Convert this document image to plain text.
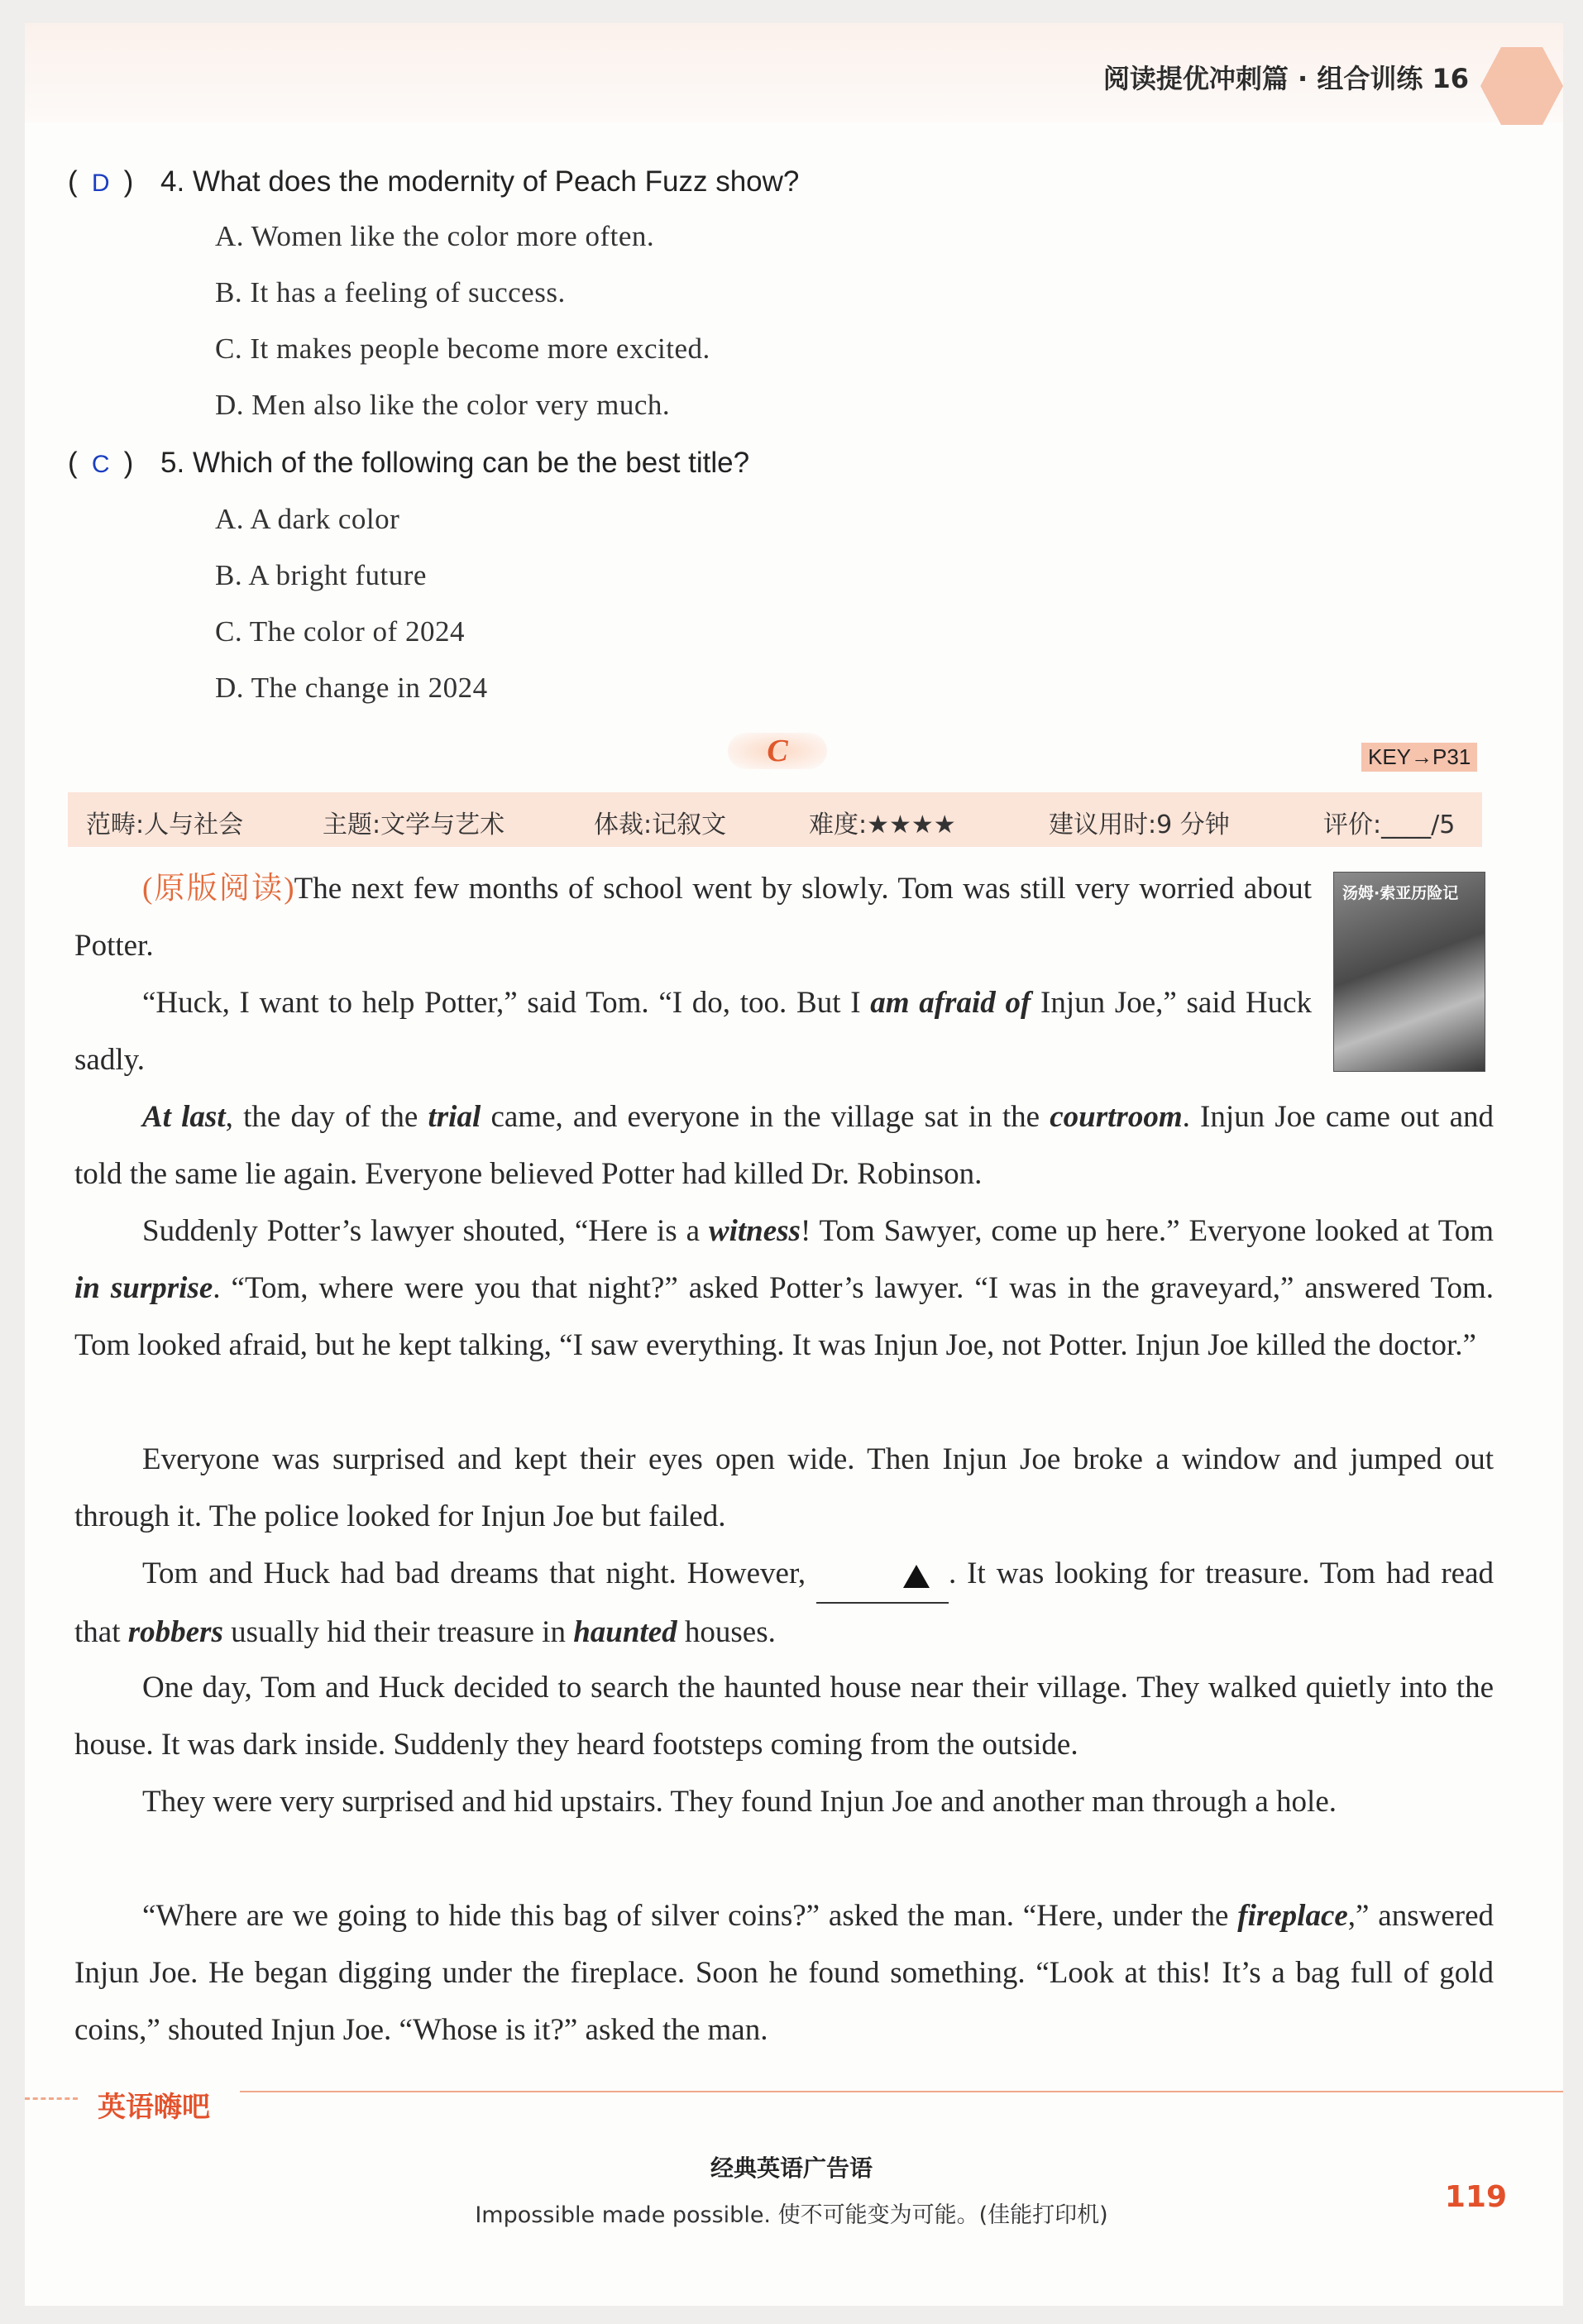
阅读提优冲刺篇 · 组合训练 16
( D ) 4. What does the modernity of Peach Fuzz show?
A. Women like the color more often.
B. It has a feeling of success.
C. It makes people become more excited.
D. Men also like the color very much.
( C ) 5. Which of the following can be the best title?
A. A dark color
B. A bright future
C. The color of 2024
D. The change in 2024
C	KEY→P31
范畴:人与社会	主题:文学与艺术	体裁:记叙文	难度:★★★★	建议用时:9 分钟	评价:____/5
汤姆·索亚历险记

(原版阅读)The next few months of school went by slowly. Tom was still very worried about Potter.

“Huck, I want to help Potter,” said Tom. “I do, too. But I am afraid of Injun Joe,” said Huck sadly.

At last, the day of the trial came, and everyone in the village sat in the courtroom. Injun Joe came out and told the same lie again. Everyone believed Potter had killed Dr. Robinson.

Suddenly Potter’s lawyer shouted, “Here is a witness! Tom Sawyer, come up here.” Everyone looked at Tom in surprise. “Tom, where were you that night?” asked Potter’s lawyer. “I was in the graveyard,” answered Tom. Tom looked afraid, but he kept talking, “I saw everything. It was Injun Joe, not Potter. Injun Joe killed the doctor.”

Everyone was surprised and kept their eyes open wide. Then Injun Joe broke a window and jumped out through it. The police looked for Injun Joe but failed.

Tom and Huck had bad dreams that night. However,	. It was looking for treasure. Tom had read that robbers usually hid their treasure in haunted houses.

One day, Tom and Huck decided to search the haunted house near their village. They walked quietly into the house. It was dark inside. Suddenly they heard footsteps coming from the outside.

They were very surprised and hid upstairs. They found Injun Joe and another man through a hole.

“Where are we going to hide this bag of silver coins?” asked the man. “Here, under the fireplace,” answered Injun Joe. He began digging under the fireplace. Soon he found something. “Look at this! It’s a bag full of gold coins,” shouted Injun Joe. “Whose is it?” asked the man.

英语嗨吧
经典英语广告语
Impossible made possible. 使不可能变为可能。(佳能打印机)
119
